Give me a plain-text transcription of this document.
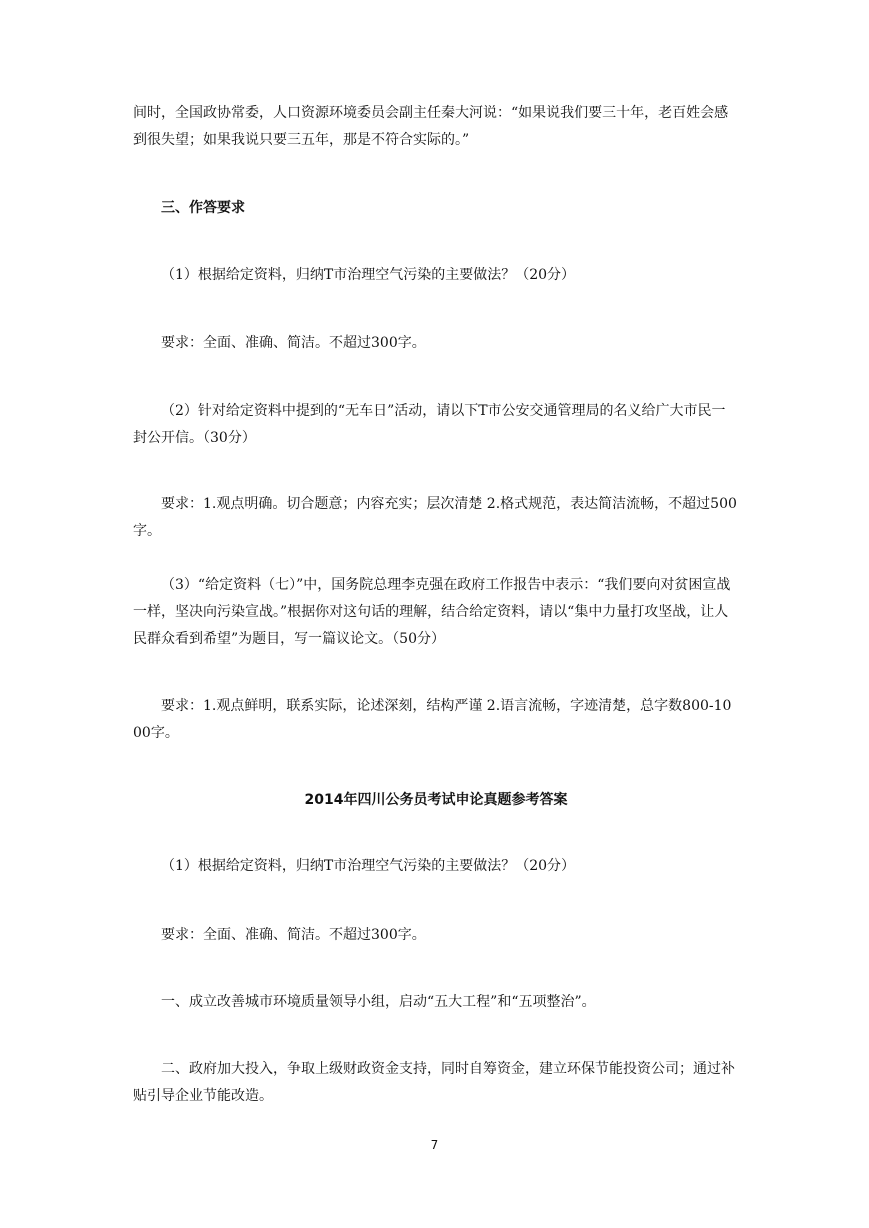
间时，全国政协常委，人口资源环境委员会副主任秦大河说：“如果说我们要三十年，老百姓会感到很失望；如果我说只要三五年，那是不符合实际的。”

三、作答要求

（1）根据给定资料，归纳T市治理空气污染的主要做法？（20分）

要求：全面、准确、简洁。不超过300字。

（2）针对给定资料中提到的“无车日”活动，请以下T市公安交通管理局的名义给广大市民一封公开信。（30分）

要求：1.观点明确。切合题意；内容充实；层次清楚 2.格式规范，表达简洁流畅，不超过500字。

（3）“给定资料（七）”中，国务院总理李克强在政府工作报告中表示：“我们要向对贫困宣战一样，坚决向污染宣战。”根据你对这句话的理解，结合给定资料，请以“集中力量打攻坚战，让人民群众看到希望”为题目，写一篇议论文。（50分）

要求：1.观点鲜明，联系实际，论述深刻，结构严谨 2.语言流畅，字迹清楚，总字数800-1000字。

2014年四川公务员考试申论真题参考答案

（1）根据给定资料，归纳T市治理空气污染的主要做法？（20分）

要求：全面、准确、简洁。不超过300字。

一、成立改善城市环境质量领导小组，启动“五大工程”和“五项整治”。

二、政府加大投入，争取上级财政资金支持，同时自筹资金，建立环保节能投资公司；通过补贴引导企业节能改造。

7
